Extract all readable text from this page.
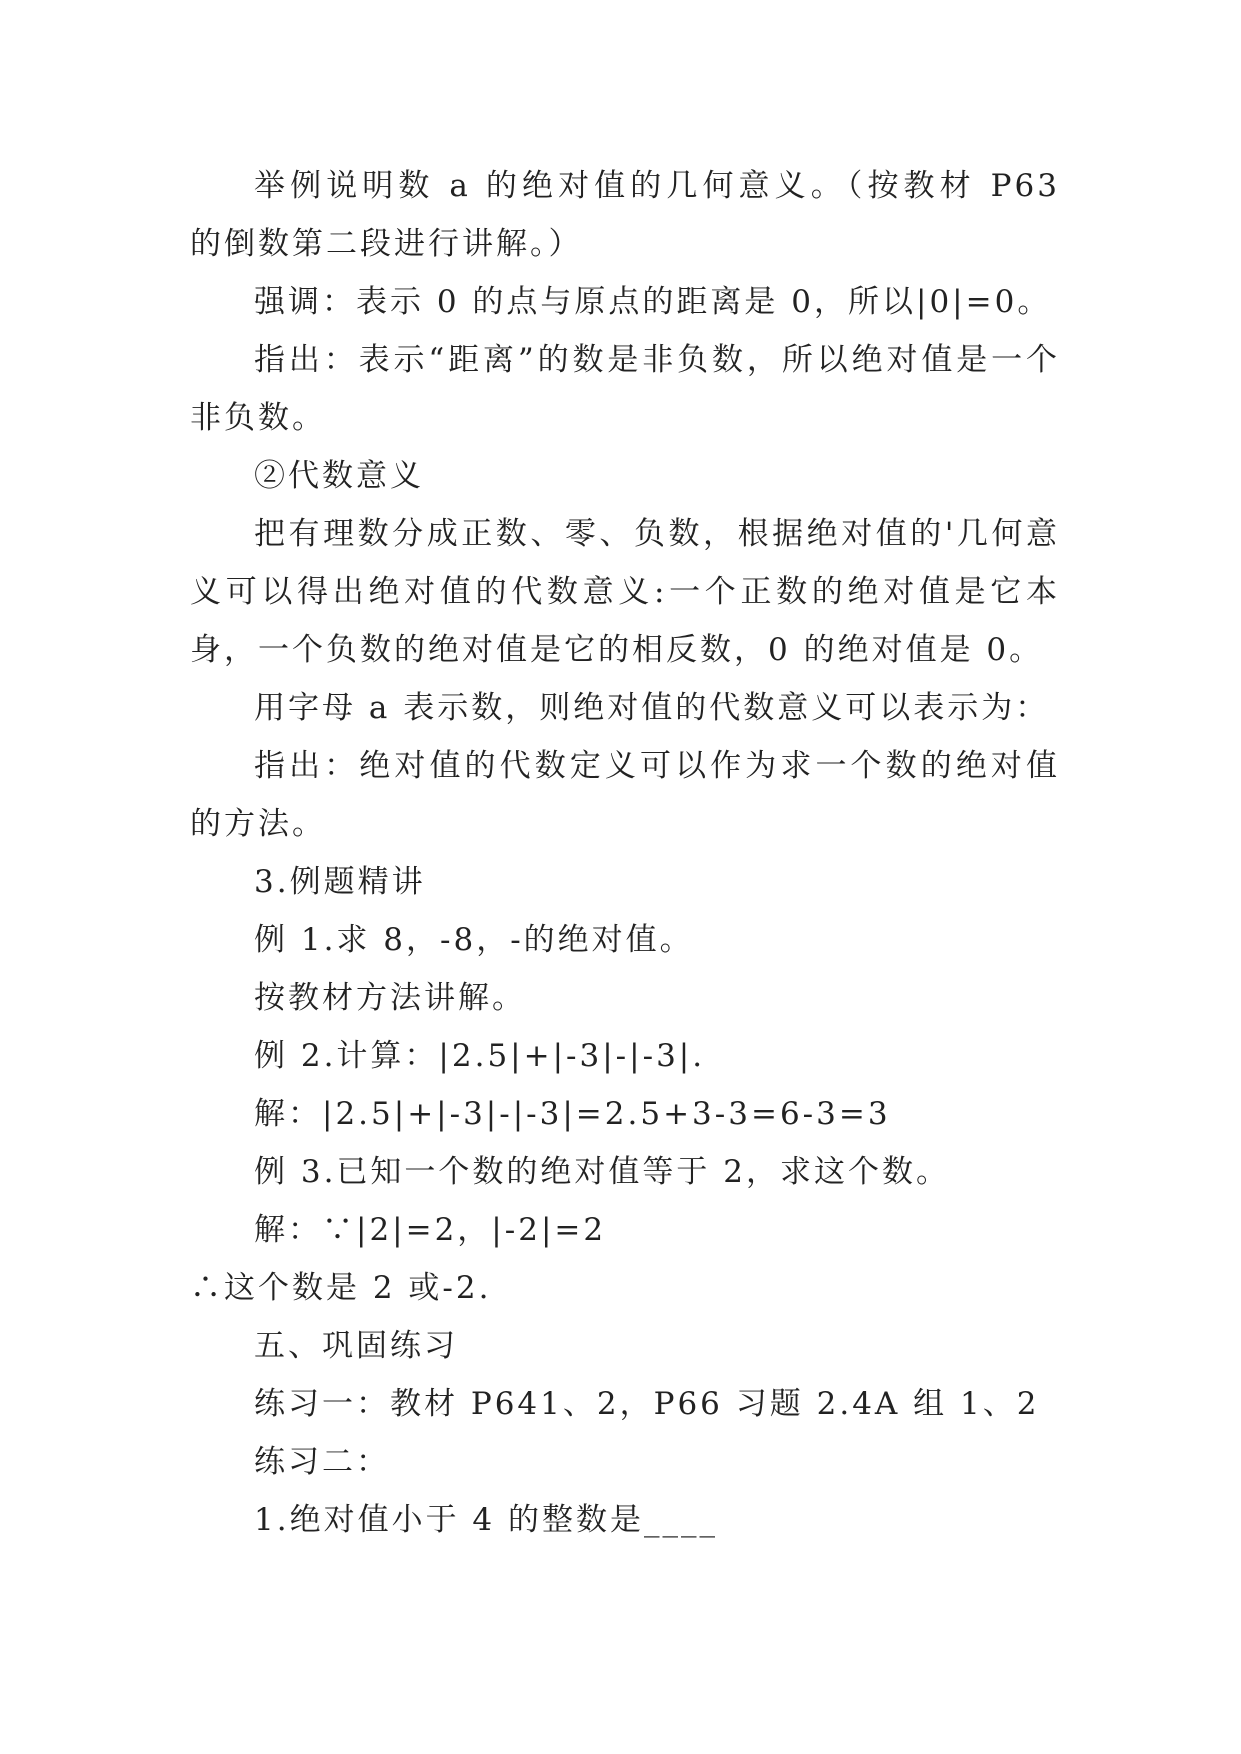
举例说明数 a 的绝对值的几何意义。（按教材 P63 的倒数第二段进行讲解。）

强调：表示 0 的点与原点的距离是 0，所以|0|=0。

指出：表示“距离”的数是非负数，所以绝对值是一个非负数。

②代数意义

把有理数分成正数、零、负数，根据绝对值的'几何意义可以得出绝对值的代数意义:一个正数的绝对值是它本身，一个负数的绝对值是它的相反数，0 的绝对值是 0。

用字母 a 表示数，则绝对值的代数意义可以表示为：

指出：绝对值的代数定义可以作为求一个数的绝对值的方法。

3.例题精讲

例 1.求 8，-8，-的绝对值。

按教材方法讲解。

例 2.计算：|2.5|+|-3|-|-3|.

解：|2.5|+|-3|-|-3|=2.5+3-3=6-3=3

例 3.已知一个数的绝对值等于 2，求这个数。

解：∵|2|=2，|-2|=2

∴这个数是 2 或-2.

五、巩固练习

练习一：教材 P641、2，P66 习题 2.4A 组 1、2

练习二：

1.绝对值小于 4 的整数是____
